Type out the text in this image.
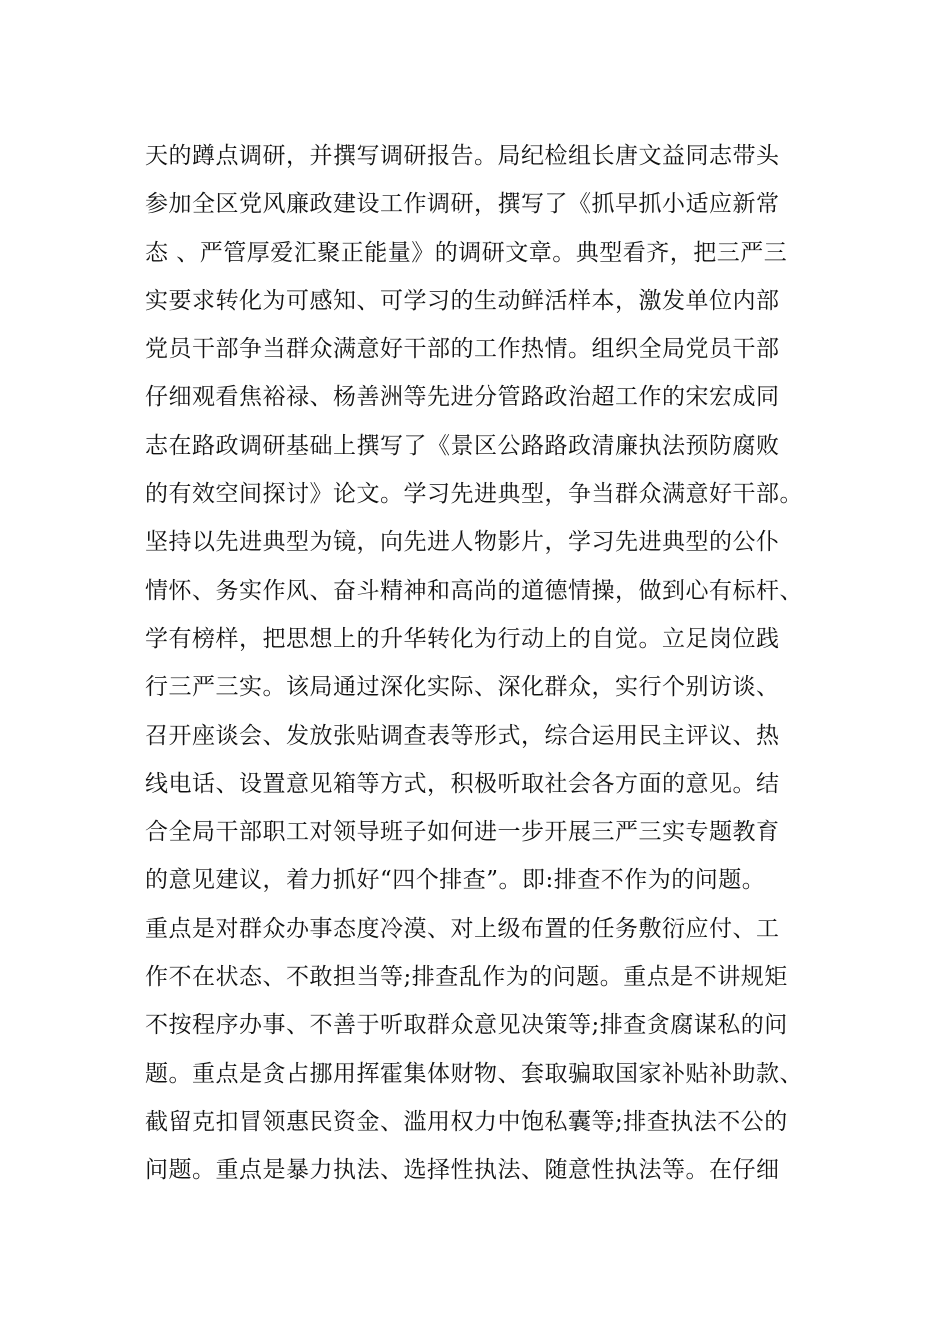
天的蹲点调研，并撰写调研报告。局纪检组长唐文益同志带头
参加全区党风廉政建设工作调研，撰写了《抓早抓小适应新常
态 、严管厚爱汇聚正能量》的调研文章。典型看齐，把三严三
实要求转化为可感知、可学习的生动鲜活样本，激发单位内部
党员干部争当群众满意好干部的工作热情。组织全局党员干部
仔细观看焦裕禄、杨善洲等先进分管路政治超工作的宋宏成同
志在路政调研基础上撰写了《景区公路路政清廉执法预防腐败
的有效空间探讨》论文。学习先进典型，争当群众满意好干部。
坚持以先进典型为镜，向先进人物影片，学习先进典型的公仆
情怀、务实作风、奋斗精神和高尚的道德情操，做到心有标杆、
学有榜样，把思想上的升华转化为行动上的自觉。立足岗位践
行三严三实。该局通过深化实际、深化群众，实行个别访谈、
召开座谈会、发放张贴调查表等形式，综合运用民主评议、热
线电话、设置意见箱等方式，积极听取社会各方面的意见。结
合全局干部职工对领导班子如何进一步开展三严三实专题教育
的意见建议，着力抓好“四个排查”。即:排查不作为的问题。
重点是对群众办事态度冷漠、对上级布置的任务敷衍应付、工
作不在状态、不敢担当等;排查乱作为的问题。重点是不讲规矩
不按程序办事、不善于听取群众意见决策等;排查贪腐谋私的问
题。重点是贪占挪用挥霍集体财物、套取骗取国家补贴补助款、
截留克扣冒领惠民资金、滥用权力中饱私囊等;排查执法不公的
问题。重点是暴力执法、选择性执法、随意性执法等。在仔细
